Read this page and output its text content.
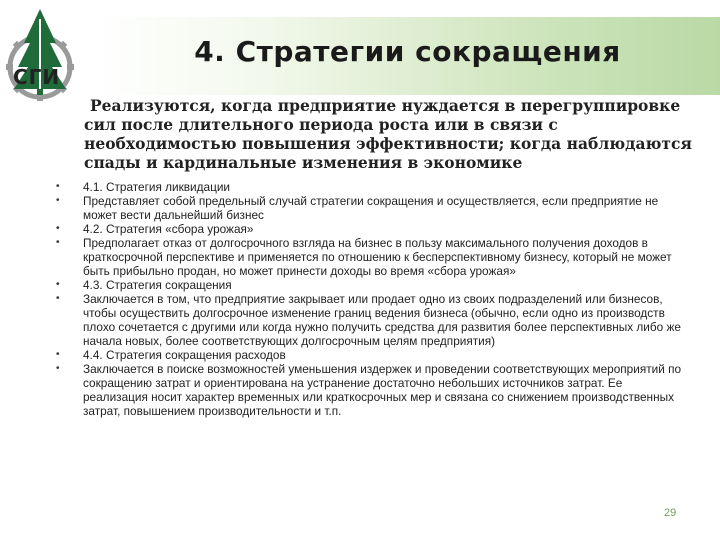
СГИ
4. Стратегии сокращения
Реализуются, когда предприятие нуждается в перегруппировке
сил после длительного периода роста или в связи с необходимостью повышения эффективности; когда наблюдаются спады и кардинальные изменения в экономике
• 4.1. Стратегия ликвидации
• Представляет собой предельный случай стратегии сокращения и осуществляется, если предприятие не может вести дальнейший бизнес
• 4.2. Стратегия «сбора урожая»
• Предполагает отказ от долгосрочного взгляда на бизнес в пользу максимального получения доходов в краткосрочной перспективе и применяется по отношению к бесперспективному бизнесу, который не может быть прибыльно продан, но может принести доходы во время «сбора урожая»
• 4.3. Стратегия сокращения
• Заключается в том, что предприятие закрывает или продает одно из своих подразделений или бизнесов, чтобы осуществить долгосрочное изменение границ ведения бизнеса (обычно, если одно из производств плохо сочетается с другими или когда нужно получить средства для развития более перспективных либо же начала новых, более соответствующих долгосрочным целям предприятия)
• 4.4. Стратегия сокращения расходов
• Заключается в поиске возможностей уменьшения издержек и проведении соответствующих мероприятий по сокращению затрат и ориентирована на устранение достаточно небольших источников затрат. Ее реализация носит характер временных или краткосрочных мер и связана со снижением производственных затрат, повышением производительности и т.п.
29
